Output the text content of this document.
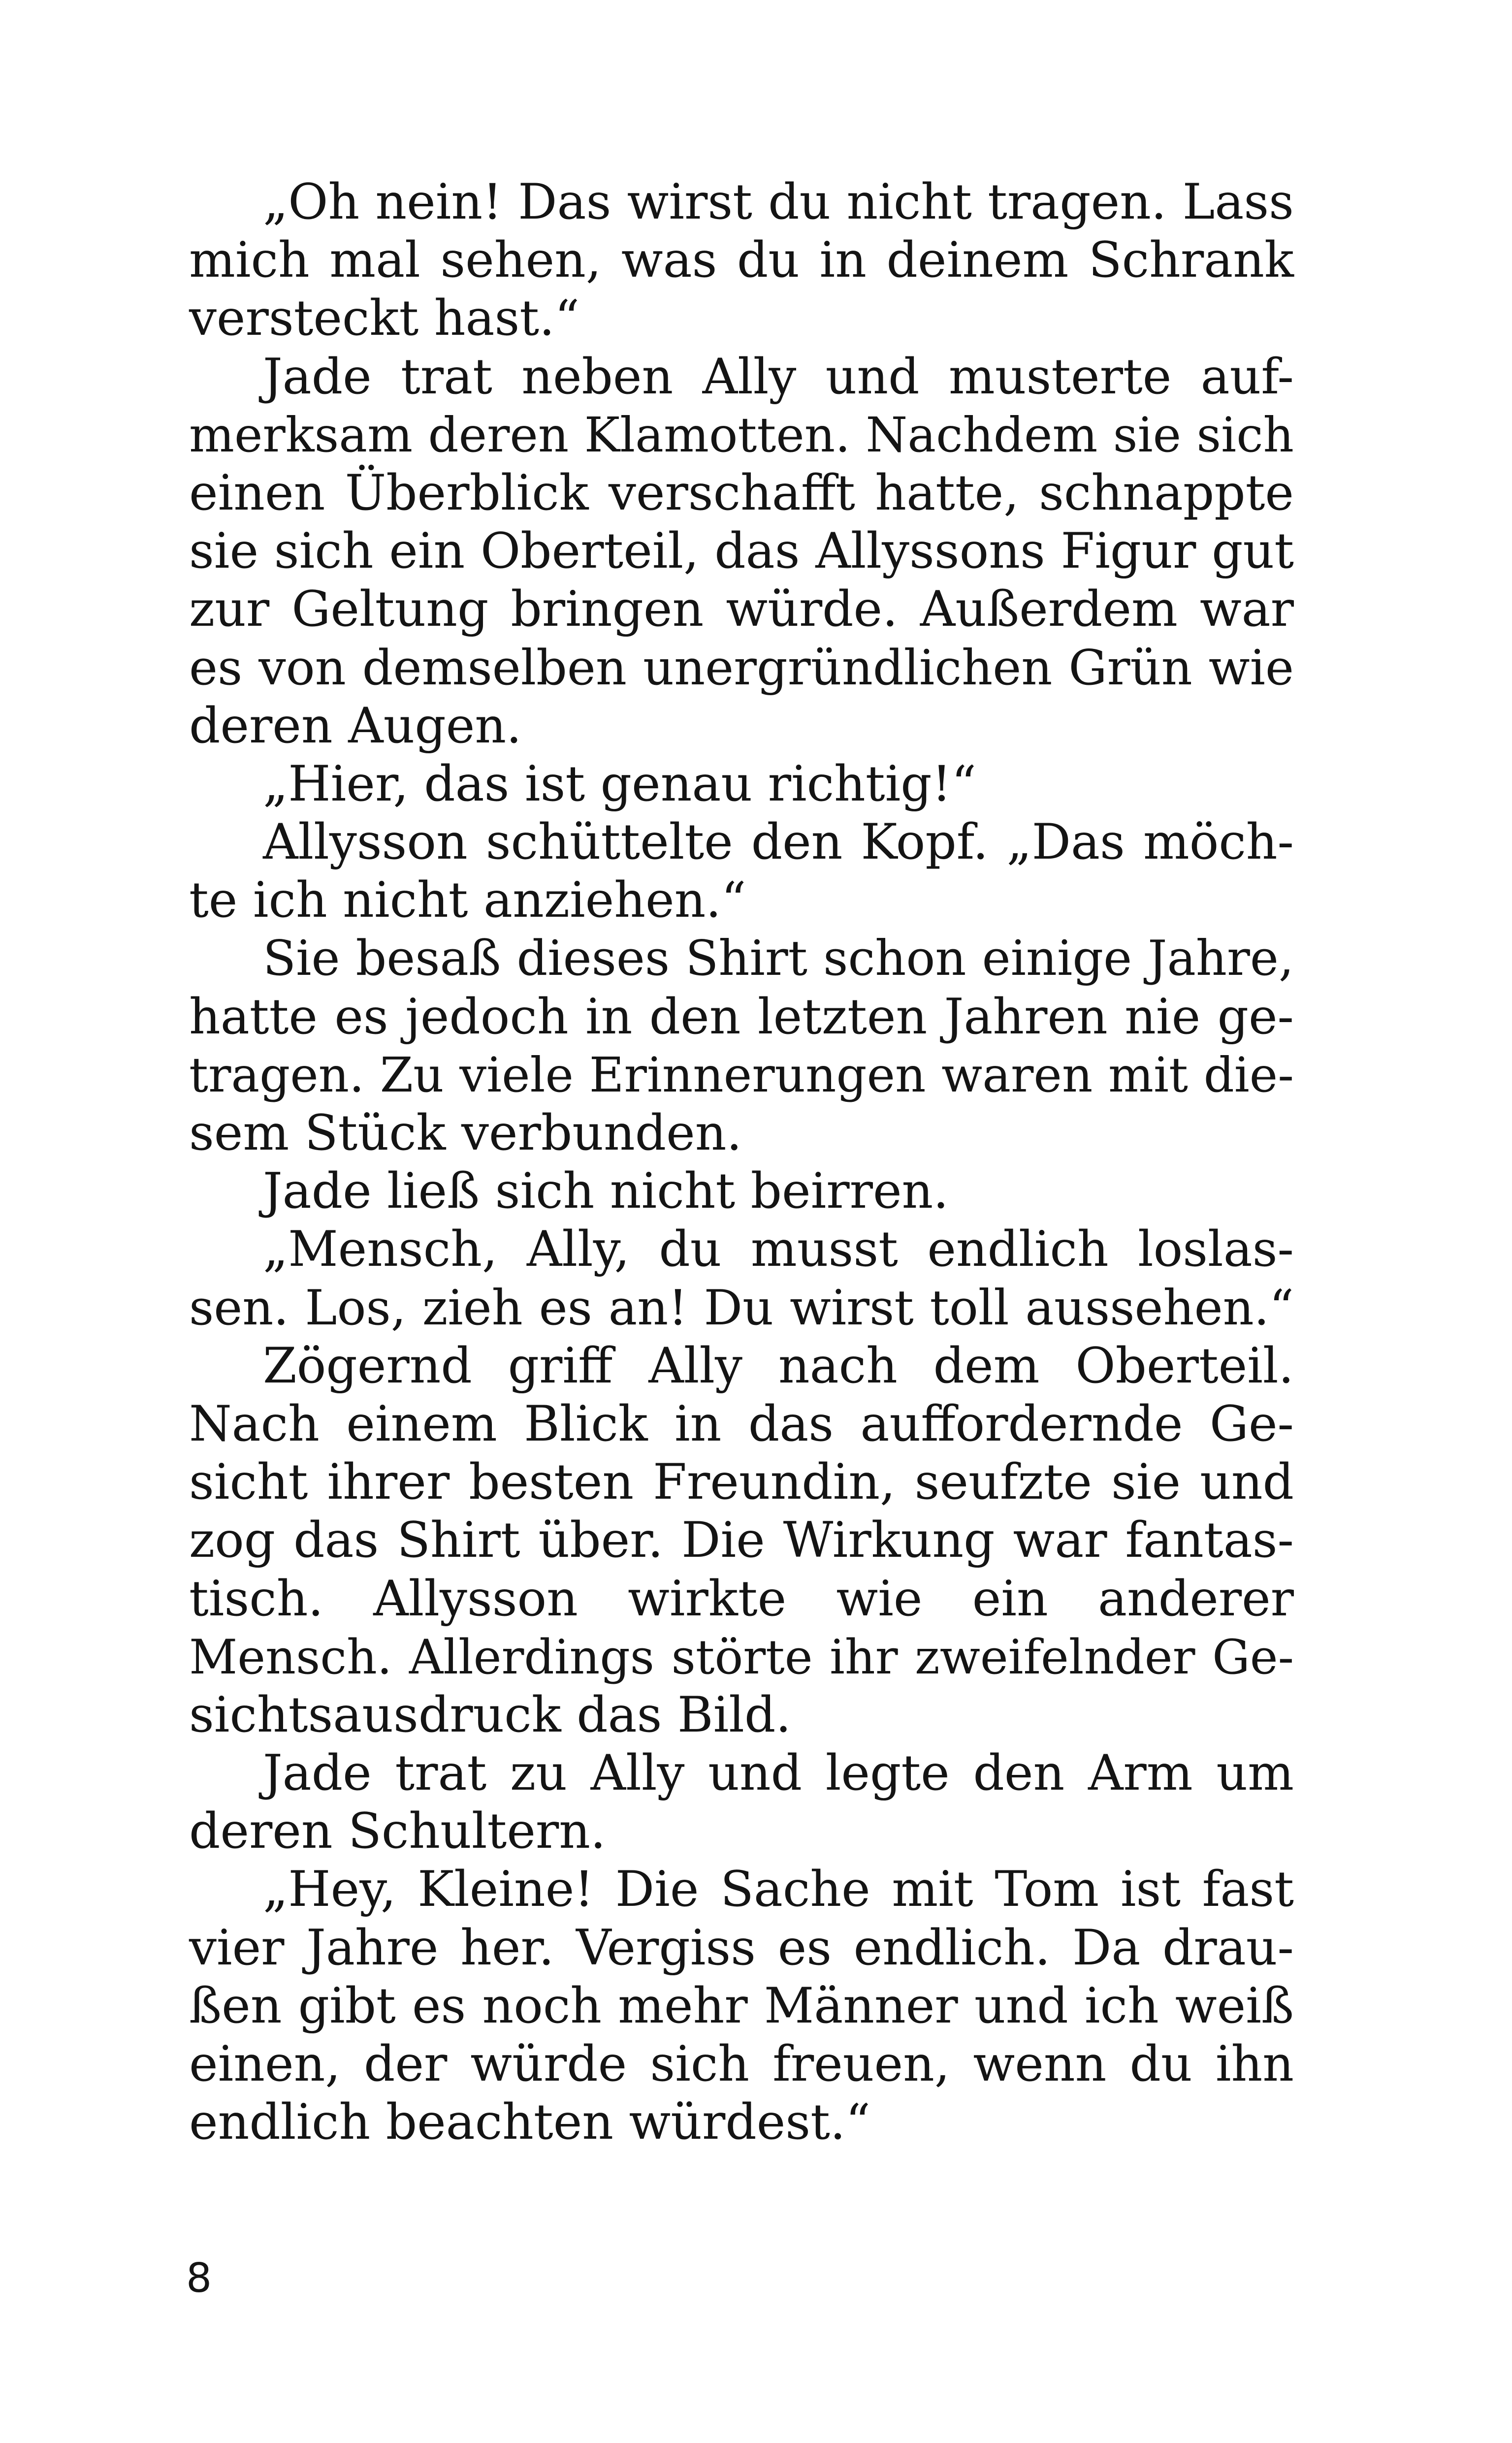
„Oh nein! Das wirst du nicht tragen. Lass
mich mal sehen, was du in deinem Schrank
versteckt hast.“
Jade trat neben Ally und musterte auf-
merksam deren Klamotten. Nachdem sie sich
einen Überblick verschafft hatte, schnappte
sie sich ein Oberteil, das Allyssons Figur gut
zur Geltung bringen würde. Außerdem war
es von demselben unergründlichen Grün wie
deren Augen.
„Hier, das ist genau richtig!“
Allysson schüttelte den Kopf. „Das möch-
te ich nicht anziehen.“
Sie besaß dieses Shirt schon einige Jahre,
hatte es jedoch in den letzten Jahren nie ge-
tragen. Zu viele Erinnerungen waren mit die-
sem Stück verbunden.
Jade ließ sich nicht beirren.
„Mensch, Ally, du musst endlich loslas-
sen. Los, zieh es an! Du wirst toll aussehen.“
Zögernd griff Ally nach dem Oberteil.
Nach einem Blick in das auffordernde Ge-
sicht ihrer besten Freundin, seufzte sie und
zog das Shirt über. Die Wirkung war fantas-
tisch. Allysson wirkte wie ein anderer
Mensch. Allerdings störte ihr zweifelnder Ge-
sichtsausdruck das Bild.
Jade trat zu Ally und legte den Arm um
deren Schultern.
„Hey, Kleine! Die Sache mit Tom ist fast
vier Jahre her. Vergiss es endlich. Da drau-
ßen gibt es noch mehr Männer und ich weiß
einen, der würde sich freuen, wenn du ihn
endlich beachten würdest.“
8
